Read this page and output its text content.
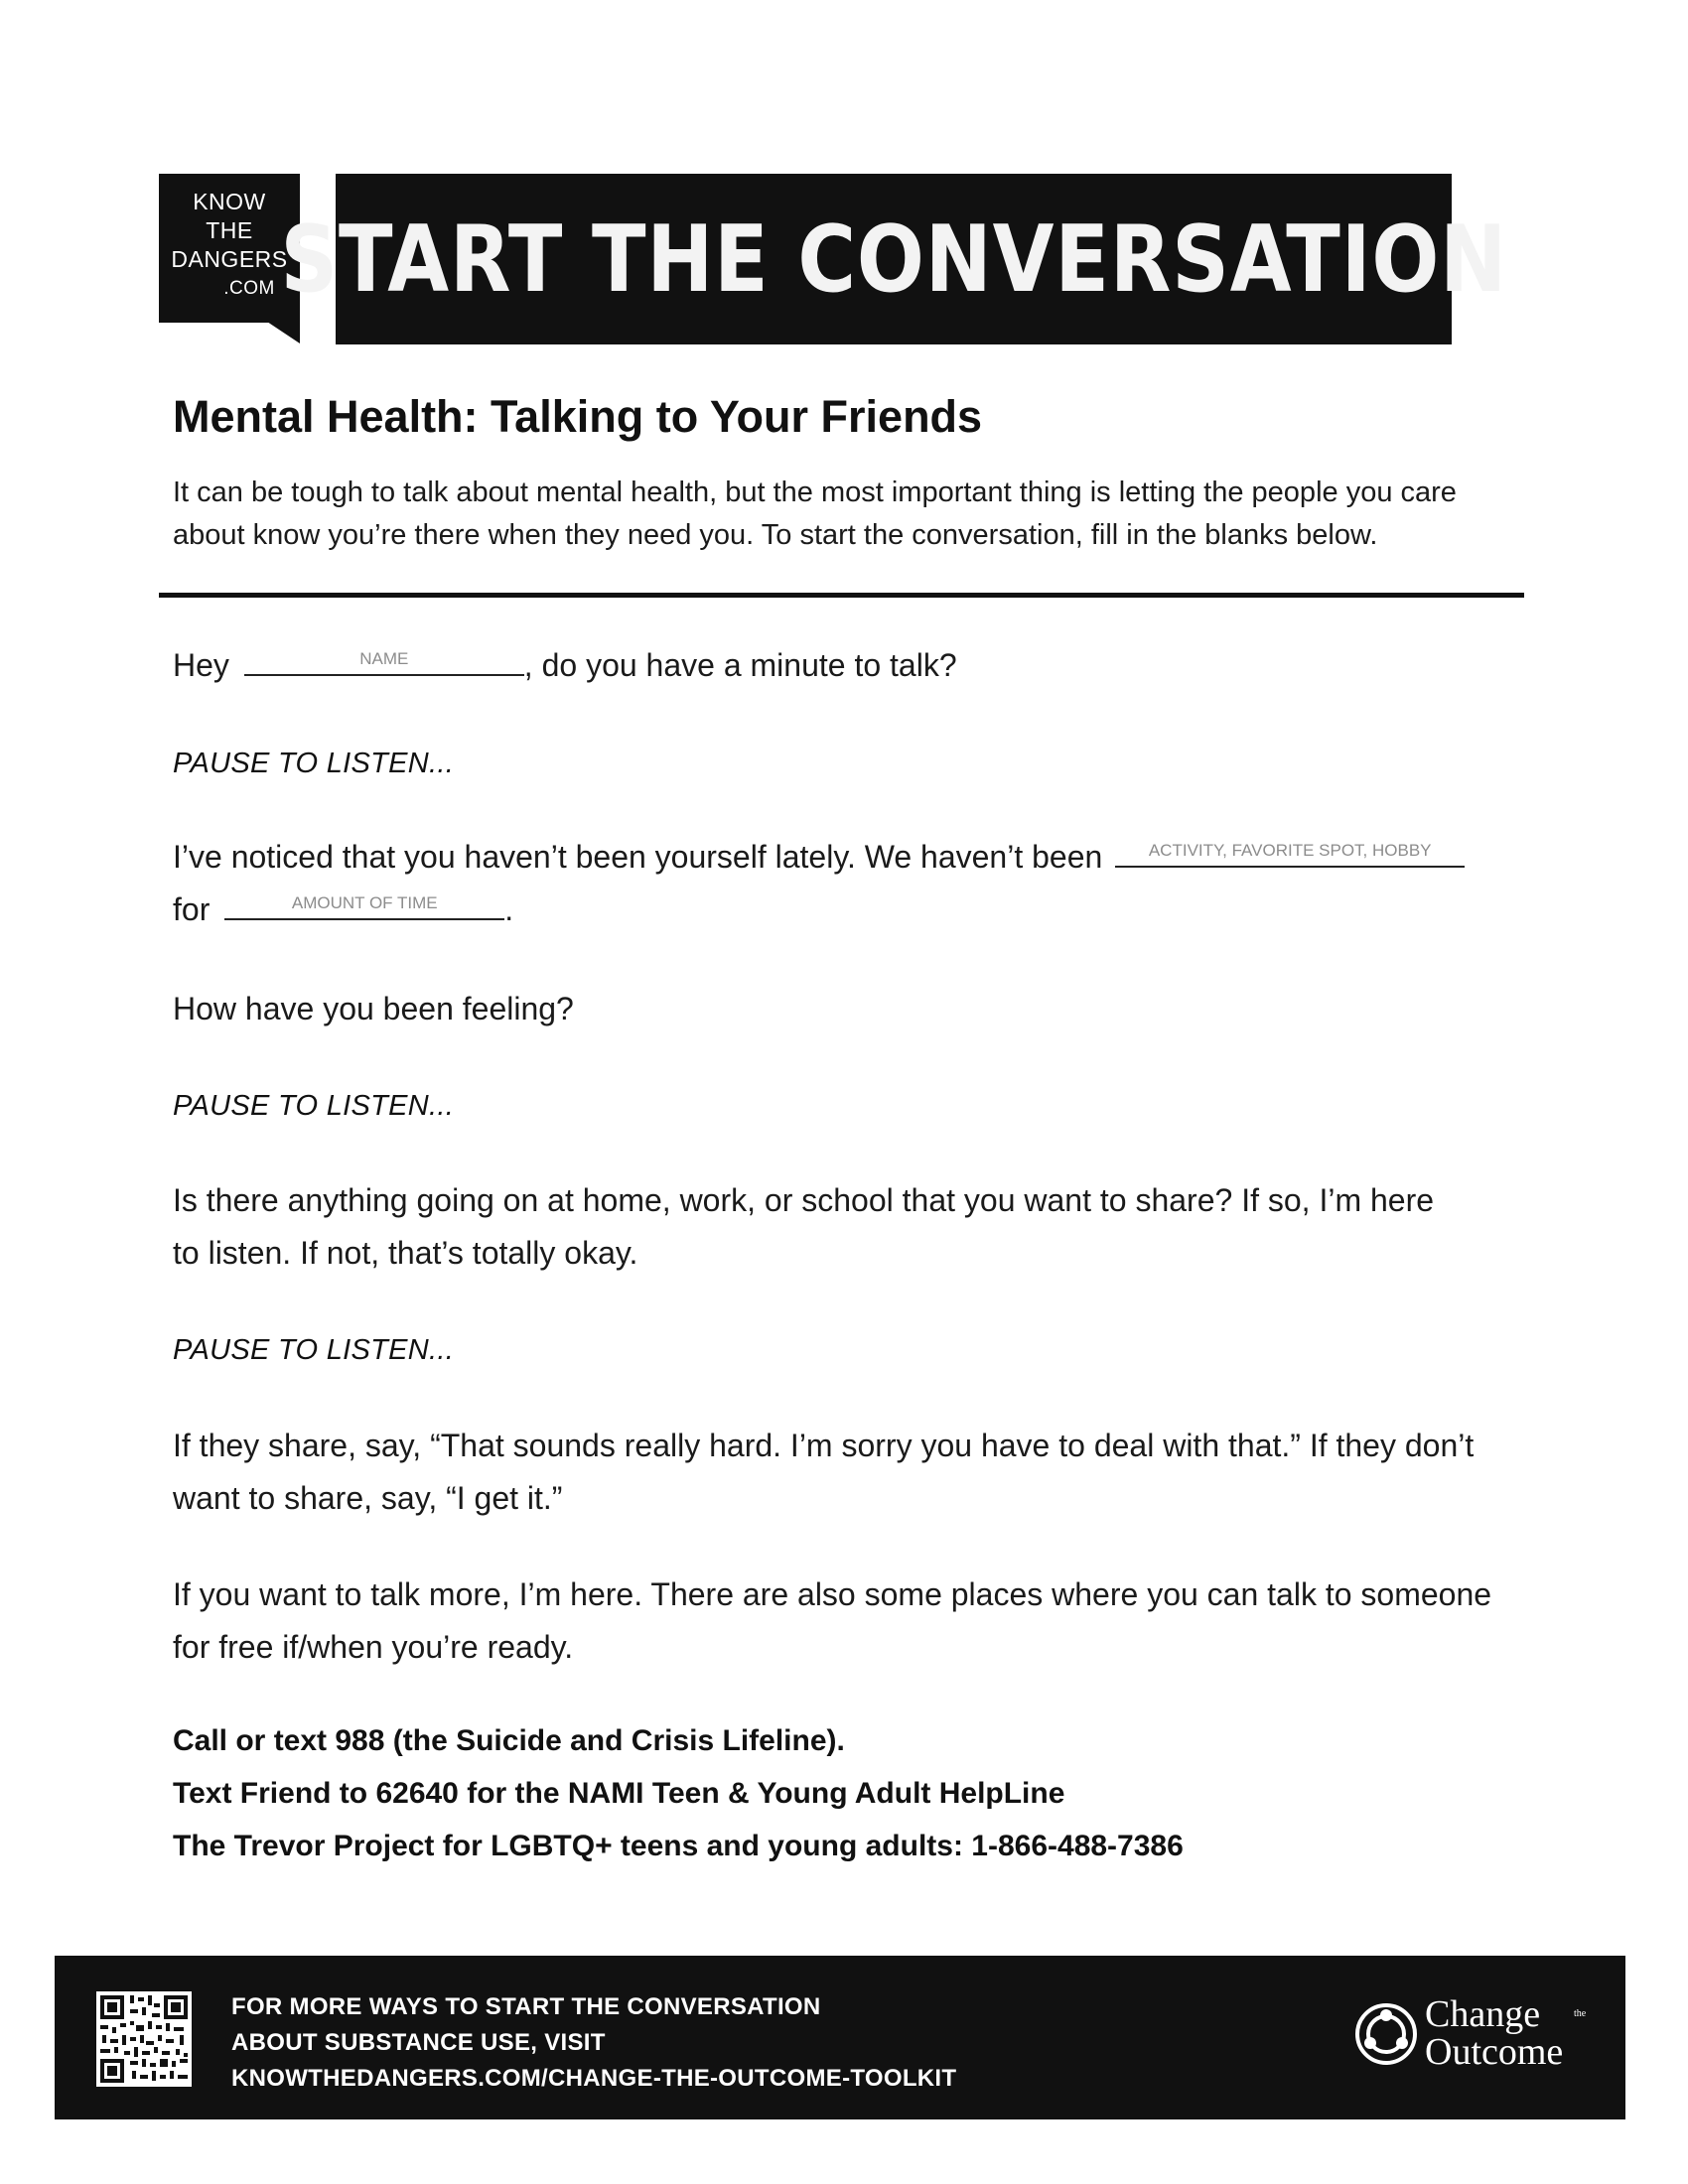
KNOW
THE
DANGERS
.COM START THE CONVERSATION
Mental Health: Talking to Your Friends

It can be tough to talk about mental health, but the most important thing is letting the people you care about know you’re there when they need you. To start the conversation, fill in the blanks below.

Hey	NAME	, do you have a minute to talk?

PAUSE TO LISTEN...

I’ve noticed that you haven’t been yourself lately. We haven’t been	ACTIVITY, FAVORITE SPOT, HOBBY

for	AMOUNT OF TIME	.

How have you been feeling?

PAUSE TO LISTEN...

Is there anything going on at home, work, or school that you want to share? If so, I’m here to listen. If not, that’s totally okay.

PAUSE TO LISTEN...

If they share, say, “That sounds really hard. I’m sorry you have to deal with that.” If they don’t want to share, say, “I get it.”

If you want to talk more, I’m here. There are also some places where you can talk to someone for free if/when you’re ready.

Call or text 988 (the Suicide and Crisis Lifeline).

Text Friend to 62640 for the NAMI Teen & Young Adult HelpLine

The Trevor Project for LGBTQ+ teens and young adults: 1-866-488-7386

FOR MORE WAYS TO START THE CONVERSATION
ABOUT SUBSTANCE USE, VISIT
KNOWTHEDANGERS.COM/CHANGE-THE-OUTCOME-TOOLKIT
Change	the
Outcome
